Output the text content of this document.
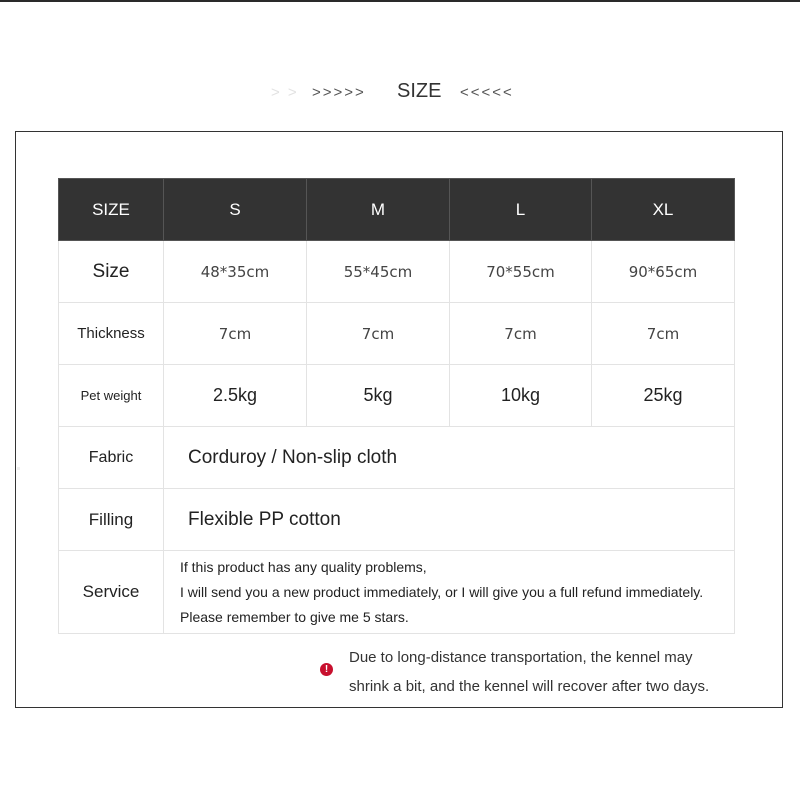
> > >>>>> SIZE <<<<<
SIZE	S	M	L	XL
Size	48*35cm	55*45cm	70*55cm	90*65cm
Thickness	7cm	7cm	7cm	7cm
Pet weight	2.5kg	5kg	10kg	25kg
Fabric	Corduroy / Non-slip cloth			
Filling	Flexible PP cotton			
Service	If this product has any quality problems,
I will send you a new product immediately, or I will give you a full refund immediately.
Please remember to give me 5 stars.			
!
Due to long-distance transportation, the kennel may
shrink a bit, and the kennel will recover after two days.
